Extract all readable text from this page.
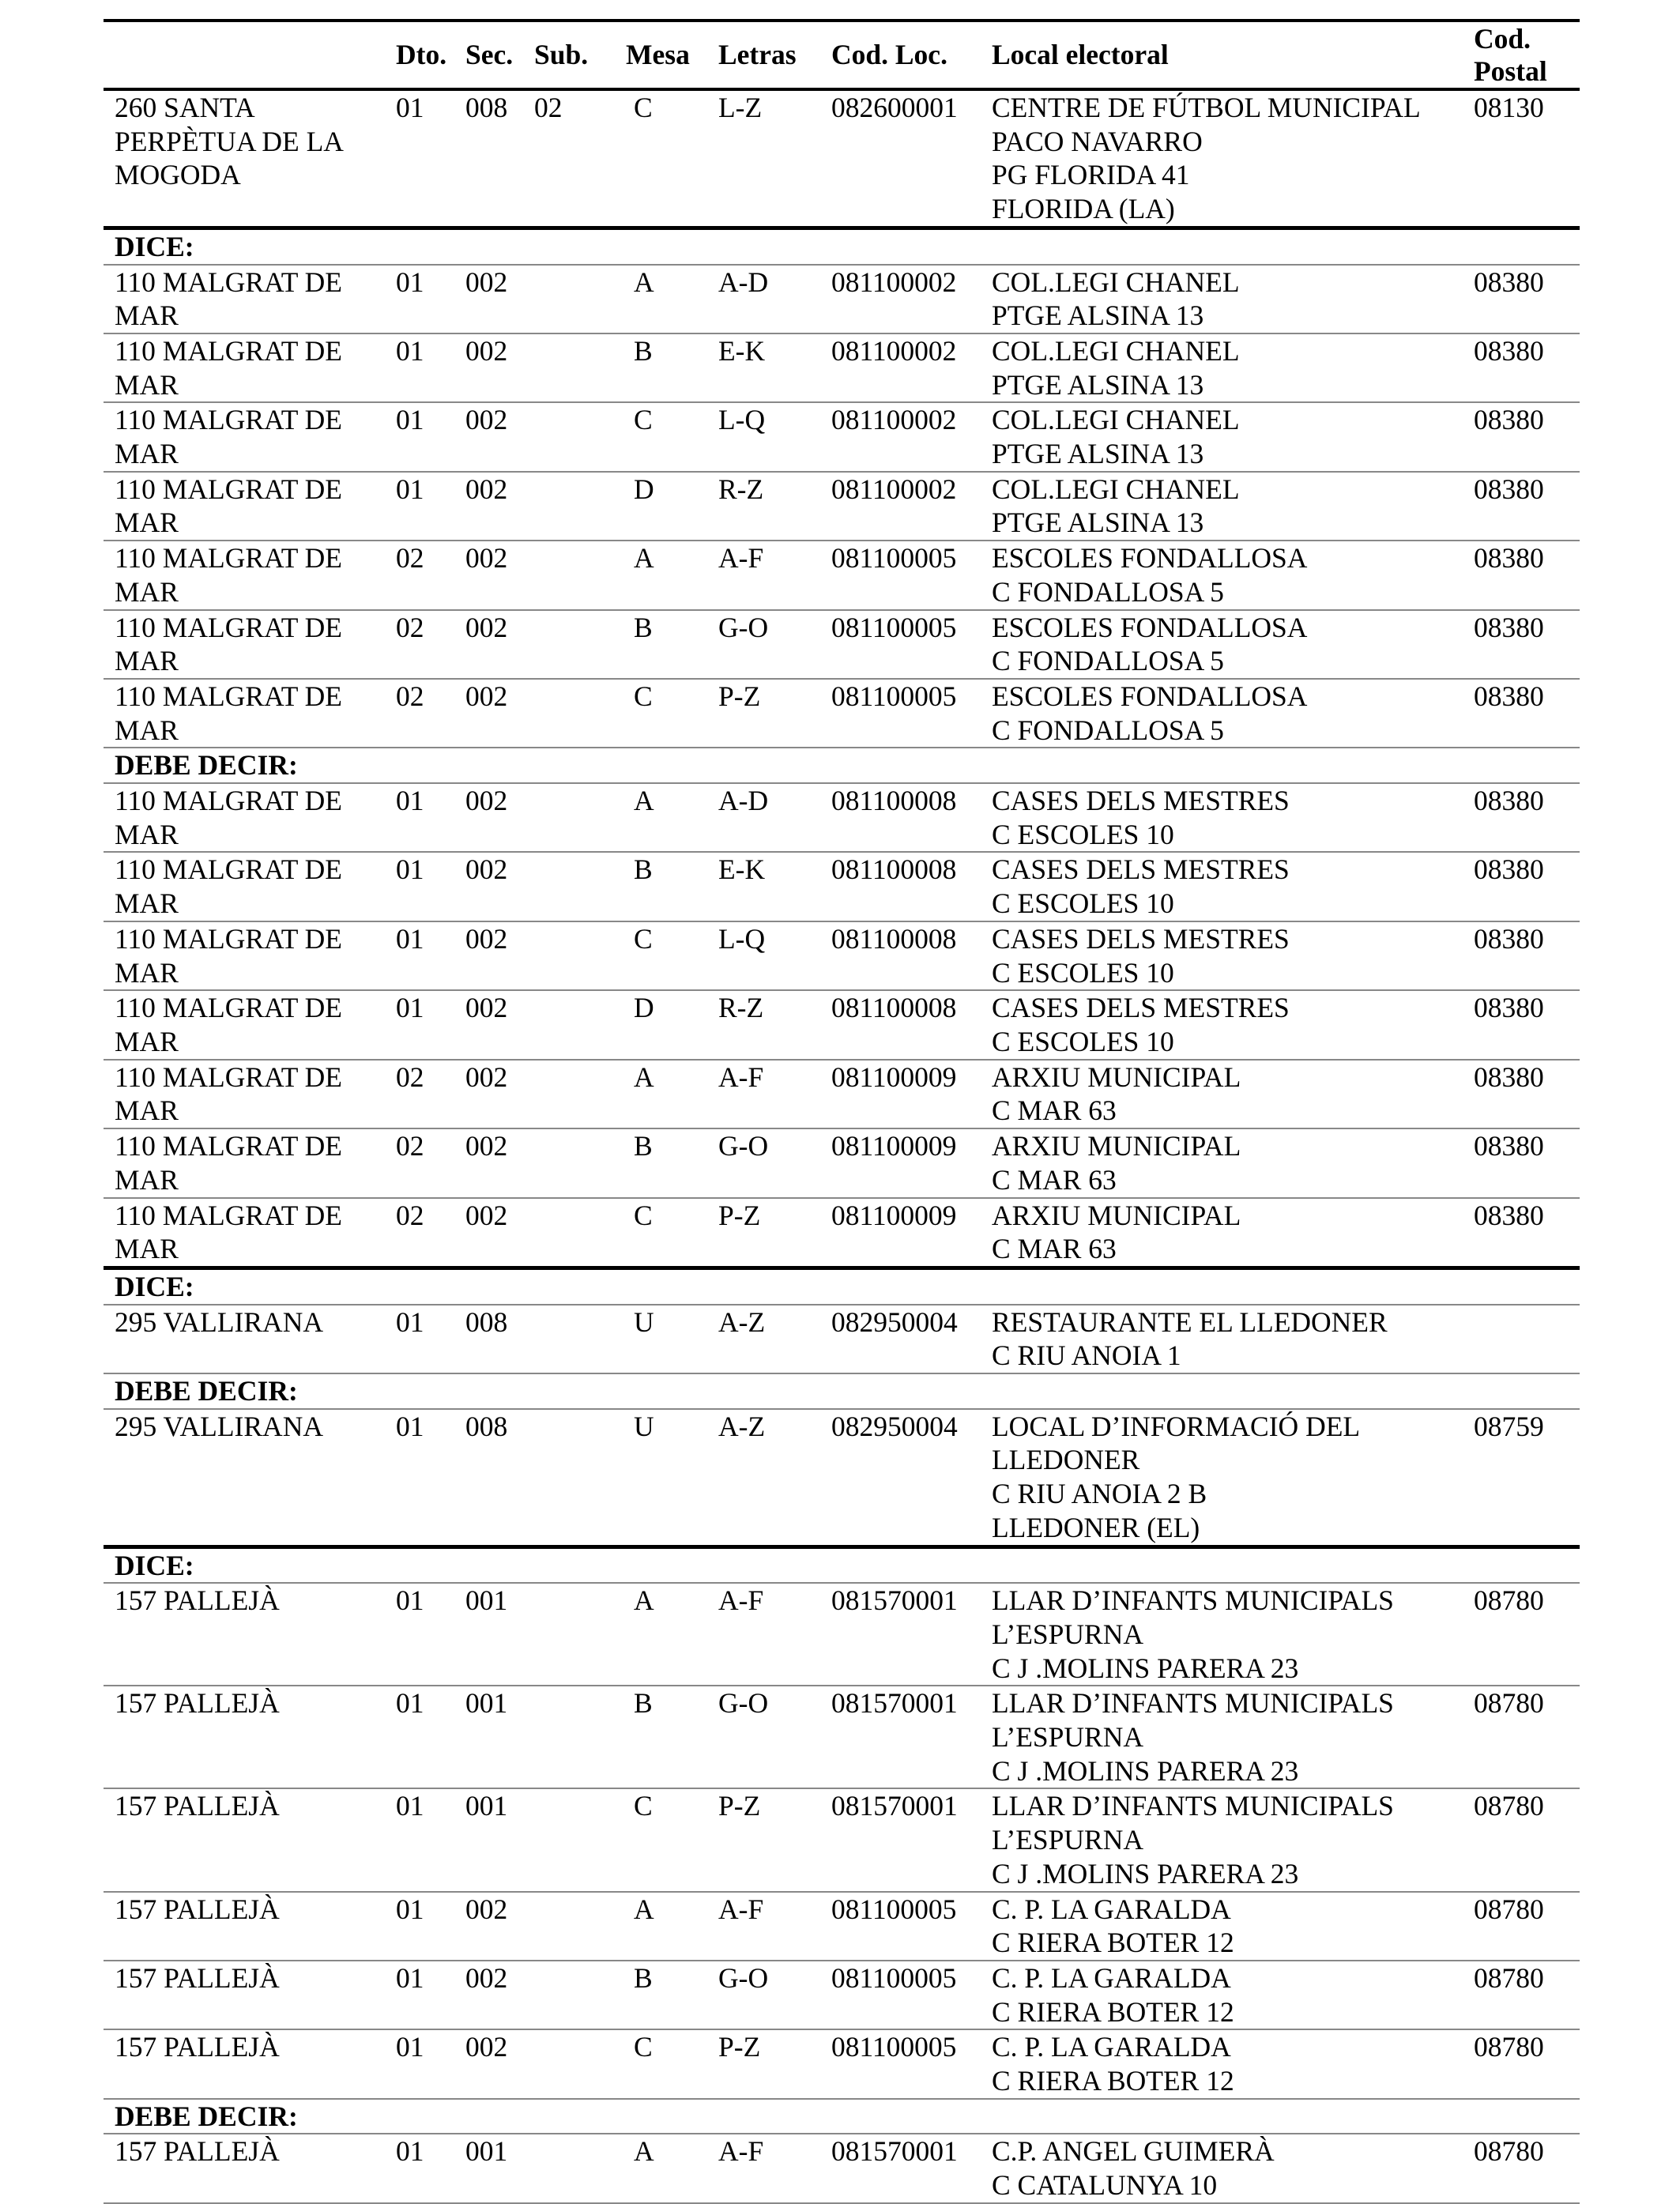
	Dto.	Sec.	Sub.	Mesa	Letras	Cod. Loc.	Local electoral	Cod.
Postal
260 SANTA PERPÈTUA DE LA MOGODA	01	008	02	C	L-Z	082600001	CENTRE DE FÚTBOL MUNICIPAL
PACO NAVARRO
PG FLORIDA 41
FLORIDA (LA)	08130
DICE:								
110 MALGRAT DE MAR	01	002		A	A-D	081100002	COL.LEGI CHANEL
PTGE ALSINA 13	08380
110 MALGRAT DE MAR	01	002		B	E-K	081100002	COL.LEGI CHANEL
PTGE ALSINA 13	08380
110 MALGRAT DE MAR	01	002		C	L-Q	081100002	COL.LEGI CHANEL
PTGE ALSINA 13	08380
110 MALGRAT DE MAR	01	002		D	R-Z	081100002	COL.LEGI CHANEL
PTGE ALSINA 13	08380
110 MALGRAT DE MAR	02	002		A	A-F	081100005	ESCOLES FONDALLOSA
C FONDALLOSA 5	08380
110 MALGRAT DE MAR	02	002		B	G-O	081100005	ESCOLES FONDALLOSA
C FONDALLOSA 5	08380
110 MALGRAT DE MAR	02	002		C	P-Z	081100005	ESCOLES FONDALLOSA
C FONDALLOSA 5	08380
DEBE DECIR:								
110 MALGRAT DE MAR	01	002		A	A-D	081100008	CASES DELS MESTRES
C ESCOLES 10	08380
110 MALGRAT DE MAR	01	002		B	E-K	081100008	CASES DELS MESTRES
C ESCOLES 10	08380
110 MALGRAT DE MAR	01	002		C	L-Q	081100008	CASES DELS MESTRES
C ESCOLES 10	08380
110 MALGRAT DE MAR	01	002		D	R-Z	081100008	CASES DELS MESTRES
C ESCOLES 10	08380
110 MALGRAT DE MAR	02	002		A	A-F	081100009	ARXIU MUNICIPAL
C MAR 63	08380
110 MALGRAT DE MAR	02	002		B	G-O	081100009	ARXIU MUNICIPAL
C MAR 63	08380
110 MALGRAT DE MAR	02	002		C	P-Z	081100009	ARXIU MUNICIPAL
C MAR 63	08380
DICE:								
295 VALLIRANA	01	008		U	A-Z	082950004	RESTAURANTE EL LLEDONER
C RIU ANOIA 1	

DEBE DECIR:								
295 VALLIRANA	01	008		U	A-Z	082950004	LOCAL D’INFORMACIÓ DEL
LLEDONER
C RIU ANOIA 2 B
LLEDONER (EL)	08759
DICE:								
157 PALLEJÀ	01	001		A	A-F	081570001	LLAR D’INFANTS MUNICIPALS
L’ESPURNA
C J .MOLINS PARERA 23	08780
157 PALLEJÀ	01	001		B	G-O	081570001	LLAR D’INFANTS MUNICIPALS
L’ESPURNA
C J .MOLINS PARERA 23	08780
157 PALLEJÀ	01	001		C	P-Z	081570001	LLAR D’INFANTS MUNICIPALS
L’ESPURNA
C J .MOLINS PARERA 23	08780
157 PALLEJÀ	01	002		A	A-F	081100005	C. P. LA GARALDA
C RIERA BOTER 12	08780
157 PALLEJÀ	01	002		B	G-O	081100005	C. P. LA GARALDA
C RIERA BOTER 12	08780
157 PALLEJÀ	01	002		C	P-Z	081100005	C. P. LA GARALDA
C RIERA BOTER 12	08780
DEBE DECIR:								
157 PALLEJÀ	01	001		A	A-F	081570001	C.P. ANGEL GUIMERÀ
C CATALUNYA 10	08780
